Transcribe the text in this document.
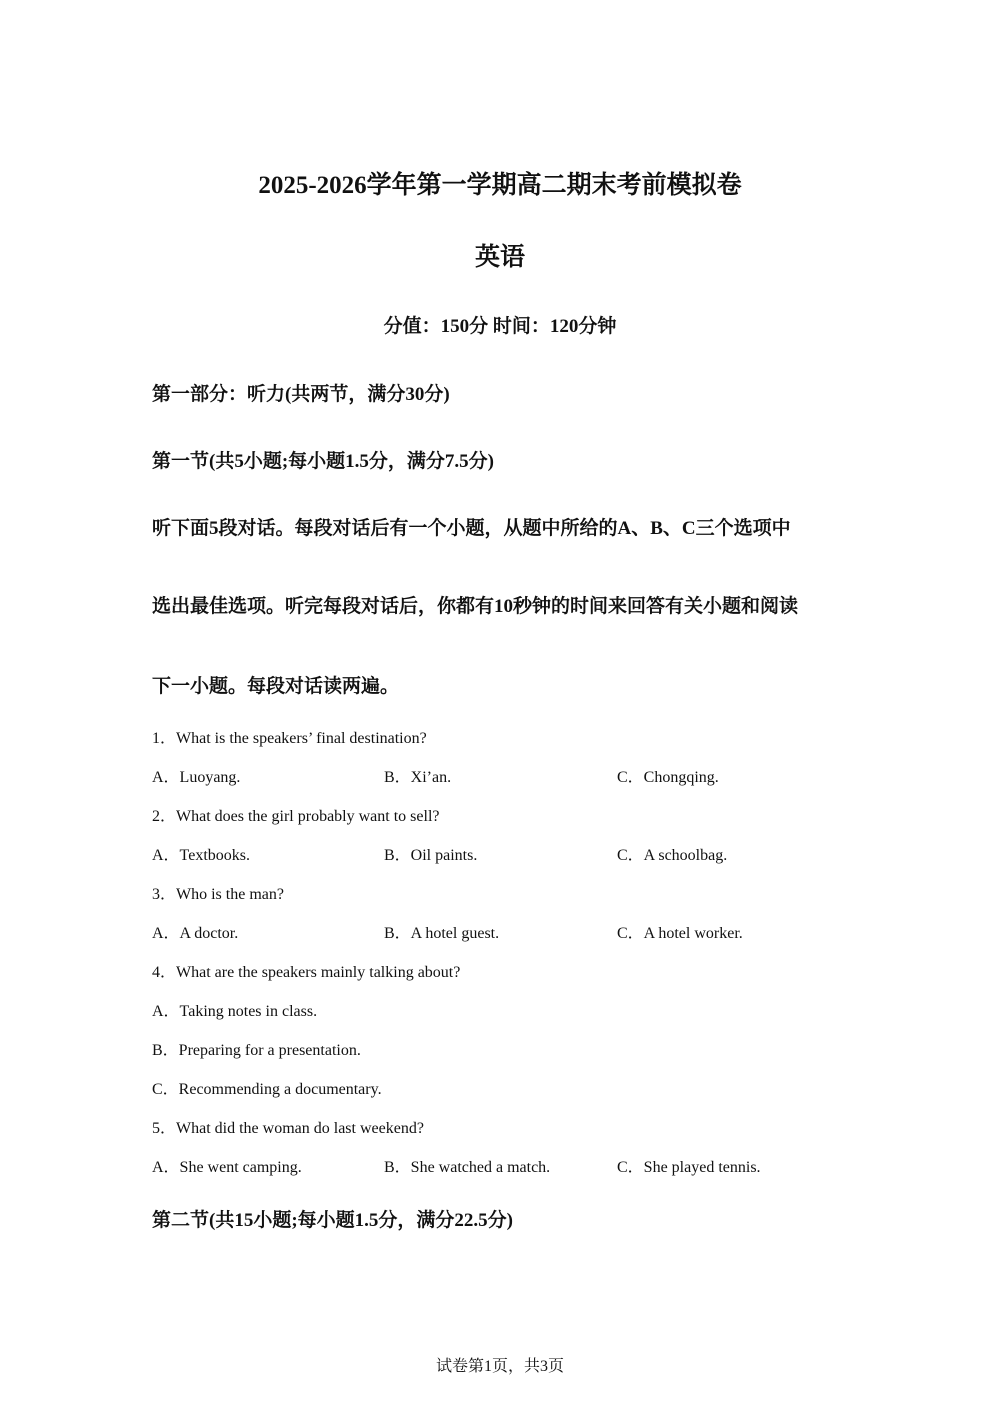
2025-2026学年第一学期高二期末考前模拟卷
英语
分值：150分 时间：120分钟
第一部分：听力(共两节，满分30分)
第一节(共5小题;每小题1.5分，满分7.5分)
听下面5段对话。每段对话后有一个小题，从题中所给的A、B、C三个选项中
选出最佳选项。听完每段对话后，你都有10秒钟的时间来回答有关小题和阅读
下一小题。每段对话读两遍。
1．What is the speakers’ final destination?
A．Luoyang.	B．Xi’an.	C．Chongqing.
2．What does the girl probably want to sell?
A．Textbooks.	B．Oil paints.	C．A schoolbag.
3．Who is the man?
A．A doctor.	B．A hotel guest.	C．A hotel worker.
4．What are the speakers mainly talking about?
A．Taking notes in class.
B．Preparing for a presentation.
C．Recommending a documentary.
5．What did the woman do last weekend?
A．She went camping.	B．She watched a match.	C．She played tennis.
第二节(共15小题;每小题1.5分，满分22.5分)
试卷第1页，共3页
